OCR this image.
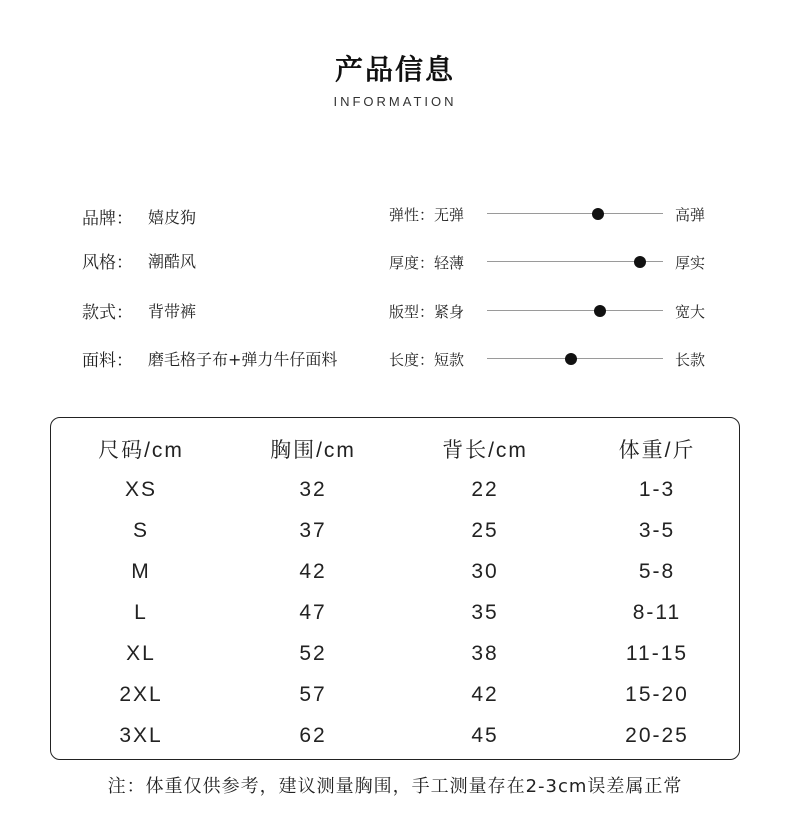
产品信息
INFORMATION
品牌： 嬉皮狗
风格： 潮酷风
款式： 背带裤
面料： 磨毛格子布+弹力牛仔面料
弹性：无弹	高弹
厚度：轻薄	厚实
版型：紧身	宽大
长度：短款	长款
尺码/cm	胸围/cm	背长/cm	体重/斤
XS	32	22	1-3
S	37	25	3-5
M	42	30	5-8
L	47	35	8-11
XL	52	38	11-15
2XL	57	42	15-20
3XL	62	45	20-25
注：体重仅供参考，建议测量胸围，手工测量存在2-3cm误差属正常
